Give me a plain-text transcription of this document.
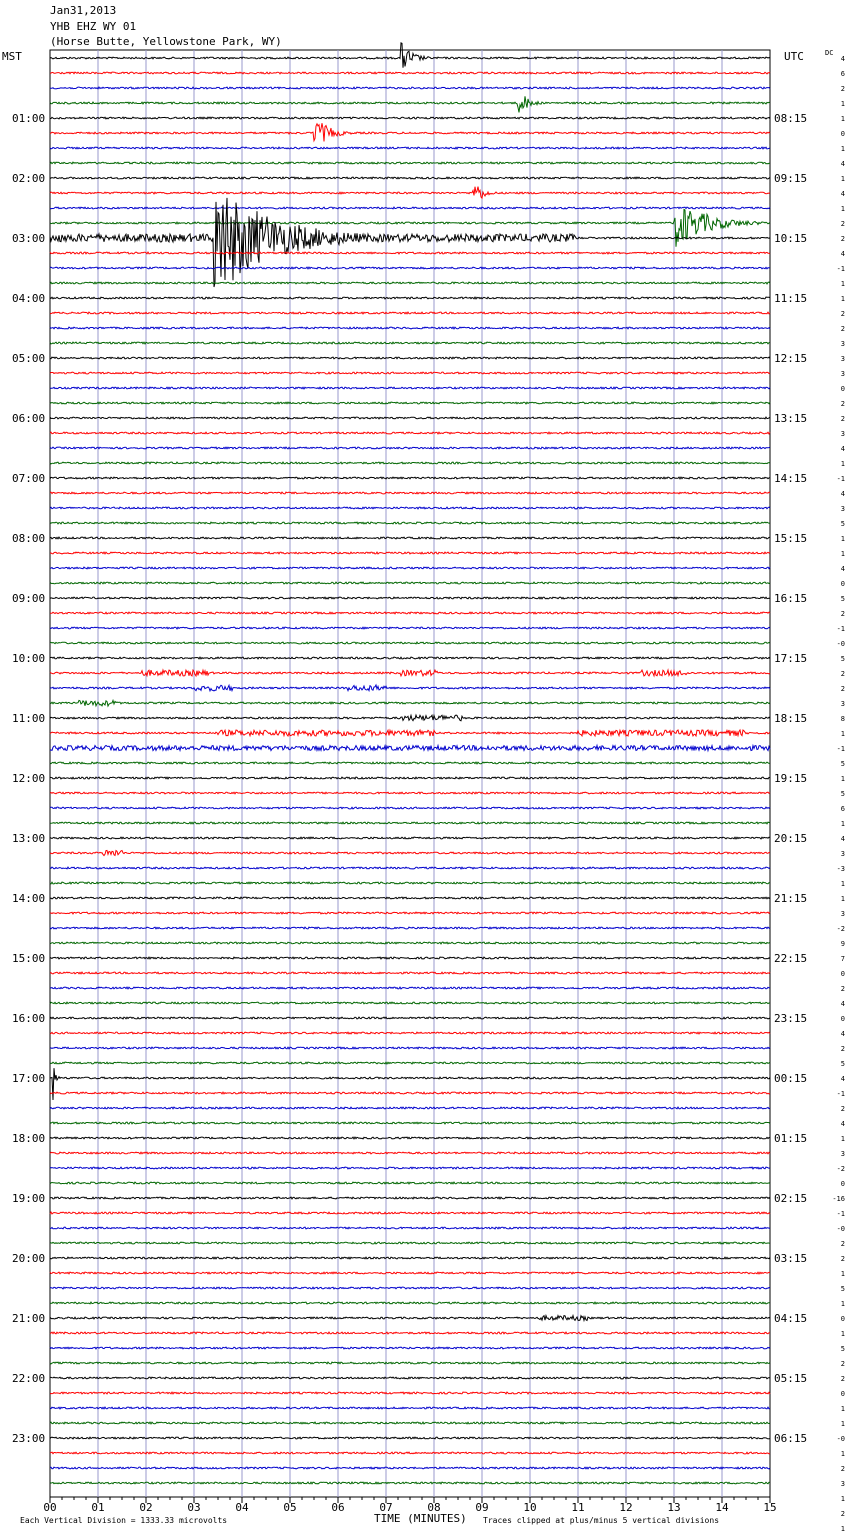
Jan31,2013
YHB EHZ WY 01
(Horse Butte, Yellowstone Park, WY)
MST	UTC	DC
01:00
02:00
03:00
04:00
05:00
06:00
07:00
08:00
09:00
10:00
11:00
12:00
13:00
14:00
15:00
16:00
17:00
18:00
19:00
20:00
21:00
22:00
23:00
08:15
09:15
10:15
11:15
12:15
13:15
14:15
15:15
16:15
17:15
18:15
19:15
20:15
21:15
22:15
23:15
00:15
01:15
02:15
03:15
04:15
05:15
06:15
4
6
2
1
1
0
1
4
1
4
1
2
2
4
-1
1
1
2
2
3
3
3
0
2
2
3
4
1
-1
4
3
5
1
1
4
0
5
2
-1
-0
5
2
2
3
8
1
-1
5
1
5
6
1
4
3
-3
1
1
3
-2
9
7
0
2
4
0
4
2
5
4
-1
2
4
1
3
-2
0
-16
-1
-0
2
2
1
5
1
0
1
5
2
2
0
1
1
-0
1
2
3
1
2
1
00	01	02	03	04	05	06	07	08	09	10	11	12	13	14	15
Each Vertical Division = 1333.33 microvolts	TIME (MINUTES) Traces clipped at plus/minus 5 vertical divisions
